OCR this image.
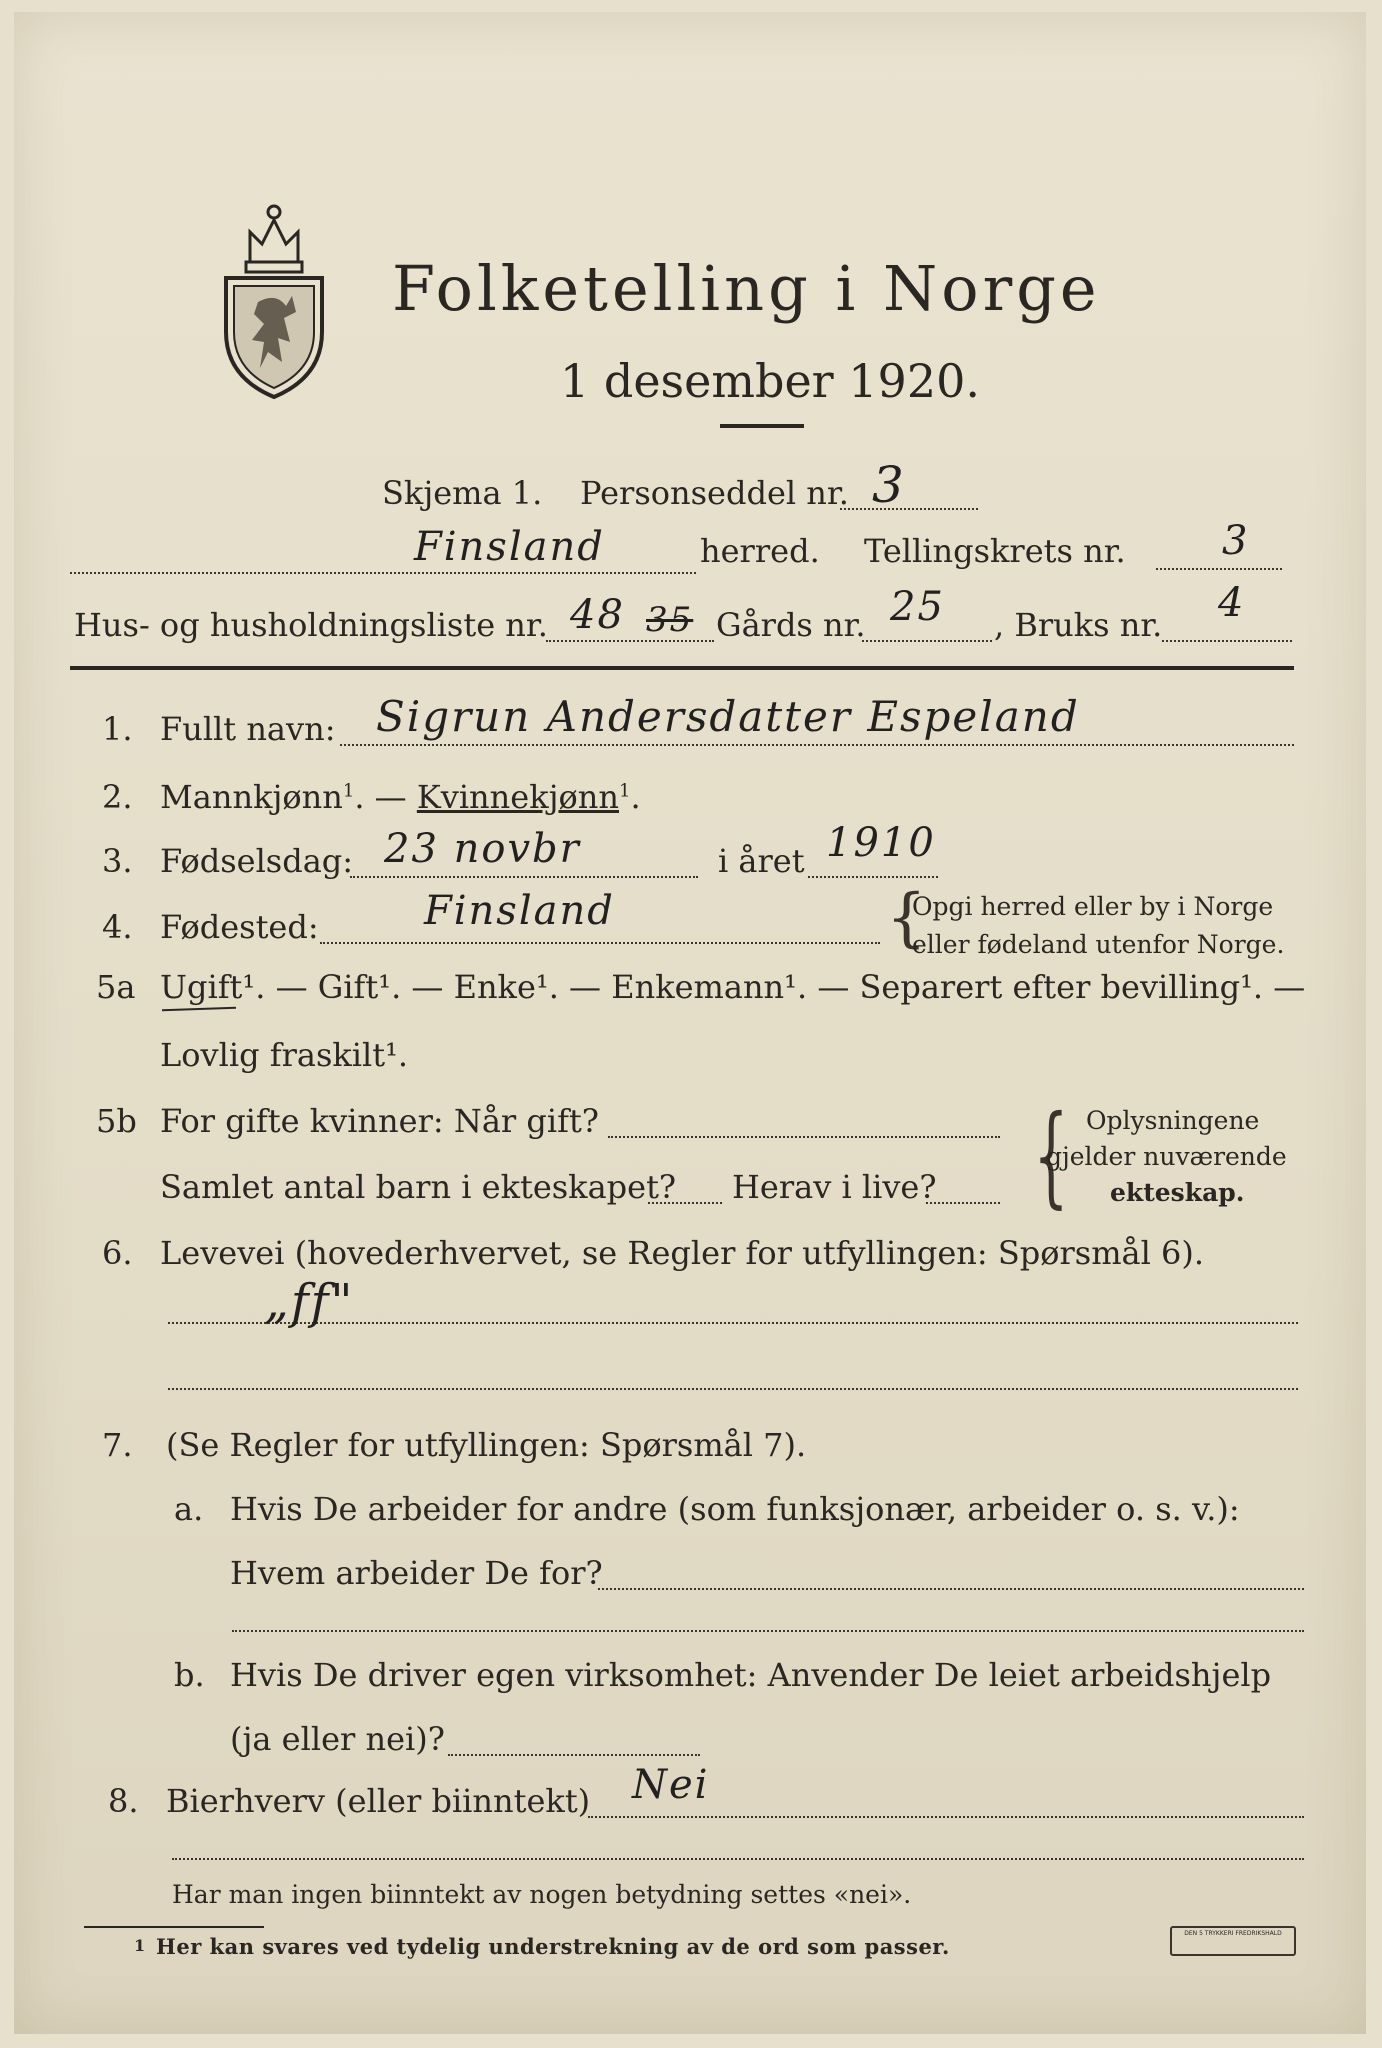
Folketelling i Norge
1 desember 1920.
Skjema 1. Personseddel nr. 3
Finsland	herred. Tellingskrets nr. 3
Hus- og husholdningsliste nr. 48 35 Gårds nr. 25 , Bruks nr. 4
1. Fullt navn: Sigrun Andersdatter Espeland
2. Mannkjønn$^1$. — Kvinnekjønn$^1$.
3. Fødselsdag: 23 novbr	i året 1910
4. Fødested:	Finsland	{
Opgi herred eller by i Norge
eller fødeland utenfor Norge.
5a Ugift¹. — Gift¹. — Enke¹. — Enkemann¹. — Separert efter bevilling¹. —
Lovlig fraskilt¹.
5b For gifte kvinner: Når gift?
Samlet antal barn i ekteskapet? Herav i live? { Oplysningene
gjelder nuværende
ekteskap.
6. Levevei (hovederhvervet, se Regler for utfyllingen: Spørsmål 6).
„ff"
7. (Se Regler for utfyllingen: Spørsmål 7).
a. Hvis De arbeider for andre (som funksjonær, arbeider o. s. v.):
Hvem arbeider De for?
b. Hvis De driver egen virksomhet: Anvender De leiet arbeidshjelp
(ja eller nei)?
8. Bierhverv (eller biinntekt) Nei
Har man ingen biinntekt av nogen betydning settes «nei».
1 Her kan svares ved tydelig understrekning av de ord som passer.
DEN 5 TRYKKERI FREDRIKSHALD
